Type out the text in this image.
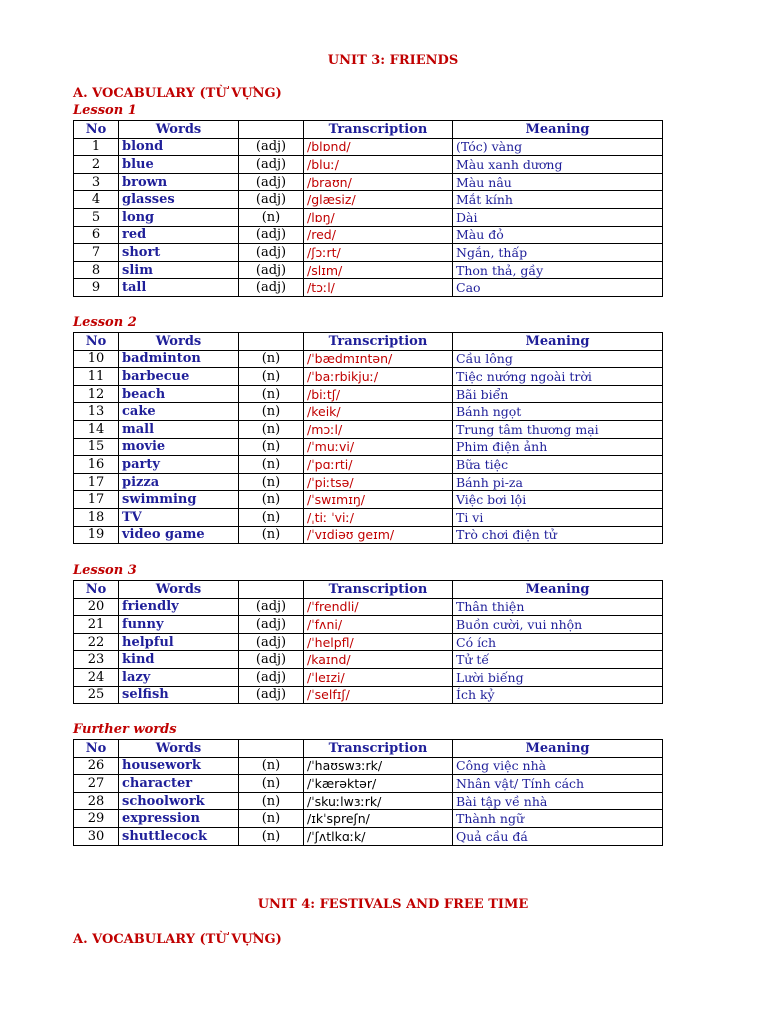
UNIT 3: FRIENDS
A. VOCABULARY (TỪ VỰNG)
Lesson 1
No	Words		Transcription	Meaning
1	blond	(adj)	/blɒnd/	(Tóc) vàng
2	blue	(adj)	/bluː/	Màu xanh dương
3	brown	(adj)	/braʊn/	Màu nâu
4	glasses	(adj)	/glæsiz/	Mắt kính
5	long	(n)	/lɒŋ/	Dài
6	red	(adj)	/red/	Màu đỏ
7	short	(adj)	/ʃɔːrt/	Ngắn, thấp
8	slim	(adj)	/slɪm/	Thon thả, gầy
9	tall	(adj)	/tɔːl/	Cao
Lesson 2
No	Words		Transcription	Meaning
10	badminton	(n)	/ˈbædmɪntən/	Cầu lông
11	barbecue	(n)	/ˈbaːrbikjuː/	Tiệc nướng ngoài trời
12	beach	(n)	/biːtʃ/	Bãi biển
13	cake	(n)	/keik/	Bánh ngọt
14	mall	(n)	/mɔːl/	Trung tâm thương mại
15	movie	(n)	/ˈmuːvi/	Phim điện ảnh
16	party	(n)	/ˈpɑːrti/	Bữa tiệc
17	pizza	(n)	/ˈpiːtsə/	Bánh pi-za
17	swimming	(n)	/ˈswɪmɪŋ/	Việc bơi lội
18	TV	(n)	/ˌtiː ˈviː/	Ti vi
19	video game	(n)	/ˈvɪdiəʊ geɪm/	Trò chơi điện tử
Lesson 3
No	Words		Transcription	Meaning
20	friendly	(adj)	/ˈfrendli/	Thân thiện
21	funny	(adj)	/ˈfʌni/	Buồn cười, vui nhộn
22	helpful	(adj)	/ˈhelpfl/	Có ích
23	kind	(adj)	/kaɪnd/	Tử tế
24	lazy	(adj)	/ˈleɪzi/	Lười biếng
25	selfish	(adj)	/ˈselfɪʃ/	Ích kỷ
Further words
No	Words		Transcription	Meaning
26	housework	(n)	/ˈhaʊswɜːrk/	Công việc nhà
27	character	(n)	/ˈkærəktər/	Nhân vật/ Tính cách
28	schoolwork	(n)	/ˈskuːlwɜːrk/	Bài tập về nhà
29	expression	(n)	/ɪkˈspreʃn/	Thành ngữ
30	shuttlecock	(n)	/ˈʃʌtlkɑːk/	Quả cầu đá
UNIT 4: FESTIVALS AND FREE TIME
A. VOCABULARY (TỪ VỰNG)
